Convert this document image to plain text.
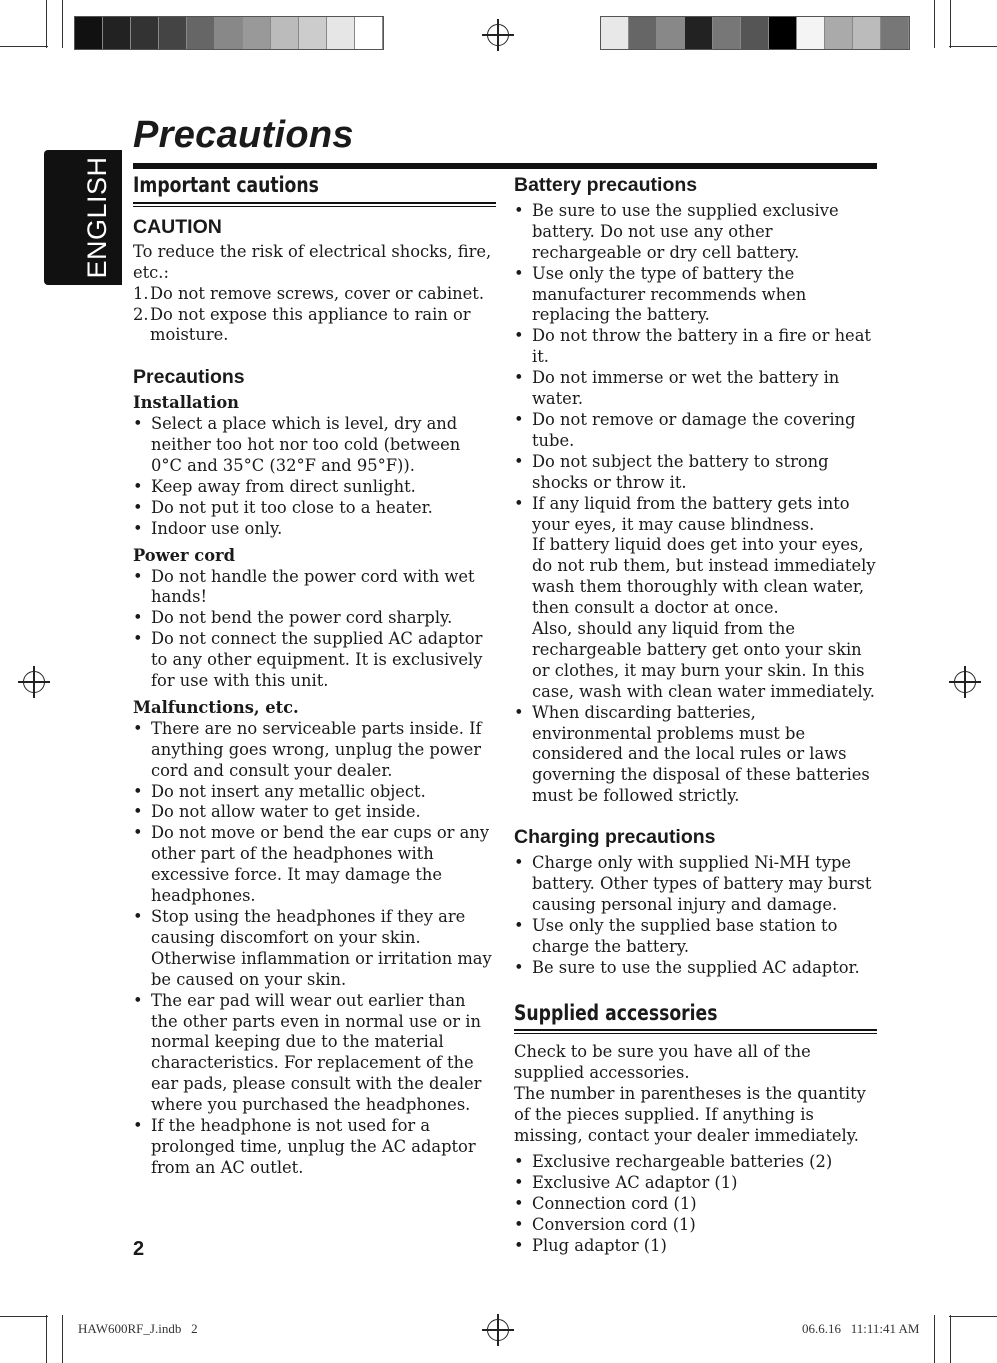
ENGLISH
Precautions
Important cautions
CAUTION
To reduce the risk of electrical shocks, fire, etc.:
1. Do not remove screws, cover or cabinet.
2. Do not expose this appliance to rain or moisture.
Precautions
Installation
• Select a place which is level, dry and neither too hot nor too cold (between 0°C and 35°C (32°F and 95°F)).
• Keep away from direct sunlight.
• Do not put it too close to a heater.
• Indoor use only.
Power cord
• Do not handle the power cord with wet hands!
• Do not bend the power cord sharply.
• Do not connect the supplied AC adaptor to any other equipment. It is exclusively for use with this unit.
Malfunctions, etc.
• There are no serviceable parts inside. If anything goes wrong, unplug the power cord and consult your dealer.
• Do not insert any metallic object.
• Do not allow water to get inside.
• Do not move or bend the ear cups or any other part of the headphones with excessive force. It may damage the headphones.
• Stop using the headphones if they are causing discomfort on your skin. Otherwise inflammation or irritation may be caused on your skin.
• The ear pad will wear out earlier than the other parts even in normal use or in normal keeping due to the material characteristics. For replacement of the ear pads, please consult with the dealer where you purchased the headphones.
• If the headphone is not used for a prolonged time, unplug the AC adaptor from an AC outlet.
Battery precautions
• Be sure to use the supplied exclusive battery. Do not use any other rechargeable or dry cell battery.
• Use only the type of battery the manufacturer recommends when replacing the battery.
• Do not throw the battery in a fire or heat it.
• Do not immerse or wet the battery in water.
• Do not remove or damage the covering tube.
• Do not subject the battery to strong shocks or throw it.
• If any liquid from the battery gets into your eyes, it may cause blindness.
If battery liquid does get into your eyes, do not rub them, but instead immediately wash them thoroughly with clean water, then consult a doctor at once.
Also, should any liquid from the rechargeable battery get onto your skin or clothes, it may burn your skin. In this case, wash with clean water immediately.
• When discarding batteries, environmental problems must be considered and the local rules or laws governing the disposal of these batteries must be followed strictly.
Charging precautions
• Charge only with supplied Ni-MH type battery. Other types of battery may burst causing personal injury and damage.
• Use only the supplied base station to charge the battery.
• Be sure to use the supplied AC adaptor.
Supplied accessories
Check to be sure you have all of the supplied accessories.
The number in parentheses is the quantity of the pieces supplied. If anything is missing, contact your dealer immediately.
• Exclusive rechargeable batteries (2)
• Exclusive AC adaptor (1)
• Connection cord (1)
• Conversion cord (1)
• Plug adaptor (1)
2
HAW600RF_J.indb   2	06.6.16   11:11:41 AM
